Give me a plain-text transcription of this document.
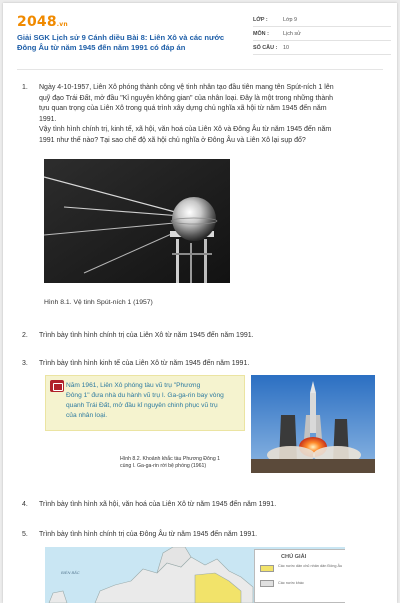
2048.vn
Giải SGK Lịch sử 9 Cánh diều Bài 8: Liên Xô và các nước Đông Âu từ năm 1945 đến năm 1991 có đáp án
LỚP :	Lớp 9
MÔN :	Lịch sử
SỐ CÂU :	10
1. Ngày 4-10-1957, Liên Xô phóng thành công vệ tinh nhân tạo đầu tiên mang tên Spút-ních 1 lên
quỹ đạo Trái Đất, mở đầu "Kỉ nguyên không gian" của nhân loại. Đây là một trong những thành
tựu quan trọng của Liên Xô trong quá trình xây dựng chủ nghĩa xã hội từ năm 1945 đến năm
1991.
Vậy tình hình chính trị, kinh tế, xã hội, văn hoá của Liên Xô và Đông Âu từ năm 1945 đến năm
1991 như thế nào? Tại sao chế độ xã hội chủ nghĩa ở Đông Âu và Liên Xô lại sụp đổ?
Hình 8.1. Vệ tinh Spút-ních 1 (1957)
2. Trình bày tình hình chính trị của Liên Xô từ năm 1945 đến năm 1991.
3. Trình bày tình hình kinh tế của Liên Xô từ năm 1945 đến năm 1991.
Năm 1961, Liên Xô phóng tàu vũ trụ "Phương
Đông 1" đưa nhà du hành vũ trụ I. Ga-ga-rin bay vòng
quanh Trái Đất, mở đầu kỉ nguyên chinh phục vũ trụ
của nhân loại.
Hình 8.2. Khoảnh khắc tàu Phương Đông 1
cùng I. Ga-ga-rin rời bệ phóng (1961)
4. Trình bày tình hình xã hội, văn hoá của Liên Xô từ năm 1945 đến năm 1991.
5. Trình bày tình hình chính trị của Đông Âu từ năm 1945 đến năm 1991.
BIỂN BẮC
CHÚ GIẢI
Các nước dân chủ nhân dân Đông Âu
Các nước khác
